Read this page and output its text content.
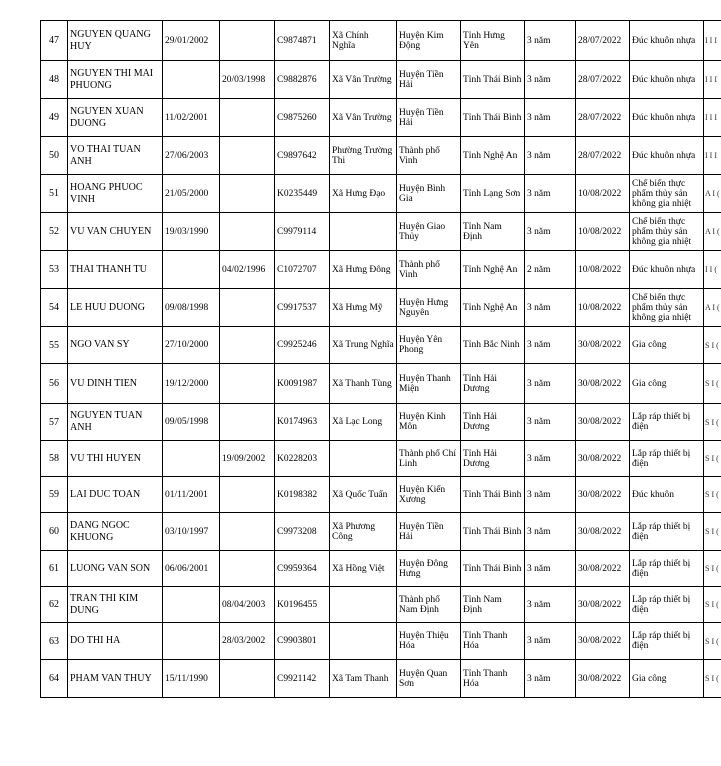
47	NGUYEN QUANG HUY	29/01/2002		C9874871	Xã Chính Nghĩa	Huyện Kim Động	Tỉnh Hưng Yên	3 năm	28/07/2022	Đúc khuôn nhựa	I I I
48	NGUYEN THI MAI PHUONG		20/03/1998	C9882876	Xã Vân Trường	Huyện Tiền Hải	Tỉnh Thái Bình	3 năm	28/07/2022	Đúc khuôn nhựa	I I I
49	NGUYEN XUAN DUONG	11/02/2001		C9875260	Xã Vân Trường	Huyện Tiền Hải	Tỉnh Thái Bình	3 năm	28/07/2022	Đúc khuôn nhựa	I I I
50	VO THAI TUAN ANH	27/06/2003		C9897642	Phường Trường Thi	Thành phố Vinh	Tỉnh Nghệ An	3 năm	28/07/2022	Đúc khuôn nhựa	I I I
51	HOANG PHUOC VINH	21/05/2000		K0235449	Xã Hưng Đạo	Huyện Bình Gia	Tỉnh Lạng Sơn	3 năm	10/08/2022	Chế biến thực phẩm thủy sản không gia nhiệt	A I (
52	VU VAN CHUYEN	19/03/1990		C9979114		Huyện Giao Thủy	Tỉnh Nam Định	3 năm	10/08/2022	Chế biến thực phẩm thủy sản không gia nhiệt	A I (
53	THAI THANH TU		04/02/1996	C1072707	Xã Hưng Đông	Thành phố Vinh	Tỉnh Nghệ An	2 năm	10/08/2022	Đúc khuôn nhựa	I I (
54	LE HUU DUONG	09/08/1998		C9917537	Xã Hưng Mỹ	Huyện Hưng Nguyên	Tỉnh Nghệ An	3 năm	10/08/2022	Chế biến thực phẩm thủy sản không gia nhiệt	A I (
55	NGO VAN SY	27/10/2000		C9925246	Xã Trung Nghĩa	Huyện Yên Phong	Tỉnh Bắc Ninh	3 năm	30/08/2022	Gia công	S I (
56	VU DINH TIEN	19/12/2000		K0091987	Xã Thanh Tùng	Huyện Thanh Miện	Tỉnh Hải Dương	3 năm	30/08/2022	Gia công	S I (
57	NGUYEN TUAN ANH	09/05/1998		K0174963	Xã Lạc Long	Huyện Kinh Môn	Tỉnh Hải Dương	3 năm	30/08/2022	Lắp ráp thiết bị điện	S I (
58	VU THI HUYEN		19/09/2002	K0228203		Thành phố Chí Linh	Tỉnh Hải Dương	3 năm	30/08/2022	Lắp ráp thiết bị điện	S I (
59	LAI DUC TOAN	01/11/2001		K0198382	Xã Quốc Tuấn	Huyện Kiến Xương	Tỉnh Thái Bình	3 năm	30/08/2022	Đúc khuôn	S I (
60	DANG NGOC KHUONG	03/10/1997		C9973208	Xã Phương Công	Huyện Tiền Hải	Tỉnh Thái Bình	3 năm	30/08/2022	Lắp ráp thiết bị điện	S I (
61	LUONG VAN SON	06/06/2001		C9959364	Xã Hồng Việt	Huyện Đông Hưng	Tỉnh Thái Bình	3 năm	30/08/2022	Lắp ráp thiết bị điện	S I (
62	TRAN THI KIM DUNG		08/04/2003	K0196455		Thành phố Nam Định	Tỉnh Nam Định	3 năm	30/08/2022	Lắp ráp thiết bị điện	S I (
63	DO THI HA		28/03/2002	C9903801		Huyện Thiệu Hóa	Tỉnh Thanh Hóa	3 năm	30/08/2022	Lắp ráp thiết bị điện	S I (
64	PHAM VAN THUY	15/11/1990		C9921142	Xã Tam Thanh	Huyện Quan Sơn	Tỉnh Thanh Hóa	3 năm	30/08/2022	Gia công	S I (
